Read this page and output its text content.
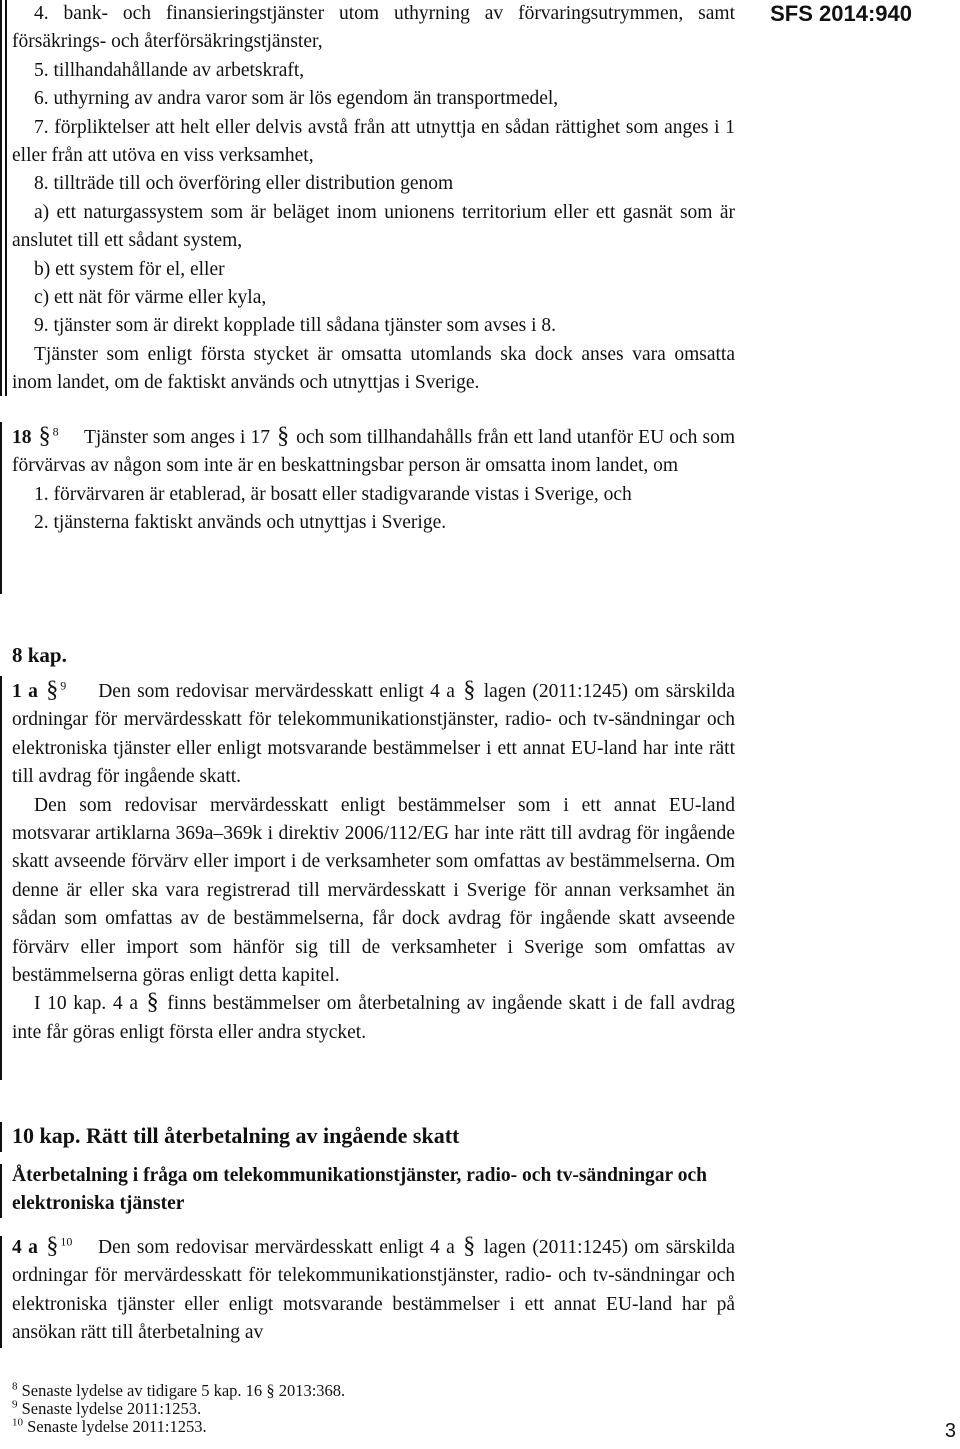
SFS 2014:940

4. bank- och finansieringstjänster utom uthyrning av förvaringsutrymmen, samt försäkrings- och återförsäkringstjänster,

5. tillhandahållande av arbetskraft,

6. uthyrning av andra varor som är lös egendom än transportmedel,

7. förpliktelser att helt eller delvis avstå från att utnyttja en sådan rättighet som anges i 1 eller från att utöva en viss verksamhet,

8. tillträde till och överföring eller distribution genom

a) ett naturgassystem som är beläget inom unionens territorium eller ett gasnät som är anslutet till ett sådant system,

b) ett system för el, eller

c) ett nät för värme eller kyla,

9. tjänster som är direkt kopplade till sådana tjänster som avses i 8.

Tjänster som enligt första stycket är omsatta utomlands ska dock anses vara omsatta inom landet, om de faktiskt används och utnyttjas i Sverige.

18 § $^8$ Tjänster som anges i 17 § och som tillhandahålls från ett land utanför EU och som förvärvas av någon som inte är en beskattningsbar person är omsatta inom landet, om

1. förvärvaren är etablerad, är bosatt eller stadigvarande vistas i Sverige, och

2. tjänsterna faktiskt används och utnyttjas i Sverige.

8 kap.

1 a § $^9$ Den som redovisar mervärdesskatt enligt 4 a § lagen (2011:1245) om särskilda ordningar för mervärdesskatt för telekommunikationstjänster, radio- och tv-sändningar och elektroniska tjänster eller enligt motsvarande bestämmelser i ett annat EU-land har inte rätt till avdrag för ingående skatt.

Den som redovisar mervärdesskatt enligt bestämmelser som i ett annat EU-land motsvarar artiklarna 369a–369k i direktiv 2006/112/EG har inte rätt till avdrag för ingående skatt avseende förvärv eller import i de verksamheter som omfattas av bestämmelserna. Om denne är eller ska vara registrerad till mervärdesskatt i Sverige för annan verksamhet än sådan som omfattas av de bestämmelserna, får dock avdrag för ingående skatt avseende förvärv eller import som hänför sig till de verksamheter i Sverige som omfattas av bestämmelserna göras enligt detta kapitel.

I 10 kap. 4 a § finns bestämmelser om återbetalning av ingående skatt i de fall avdrag inte får göras enligt första eller andra stycket.

10 kap. Rätt till återbetalning av ingående skatt

Återbetalning i fråga om telekommunikationstjänster, radio- och tv-sändningar och elektroniska tjänster

4 a § $^{10}$ Den som redovisar mervärdesskatt enligt 4 a § lagen (2011:1245) om särskilda ordningar för mervärdesskatt för telekommunikationstjänster, radio- och tv-sändningar och elektroniska tjänster eller enligt motsvarande bestämmelser i ett annat EU-land har på ansökan rätt till återbetalning av

$^8$ Senaste lydelse av tidigare 5 kap. 16 § 2013:368.

$^9$ Senaste lydelse 2011:1253.

$^{10}$ Senaste lydelse 2011:1253.	3
